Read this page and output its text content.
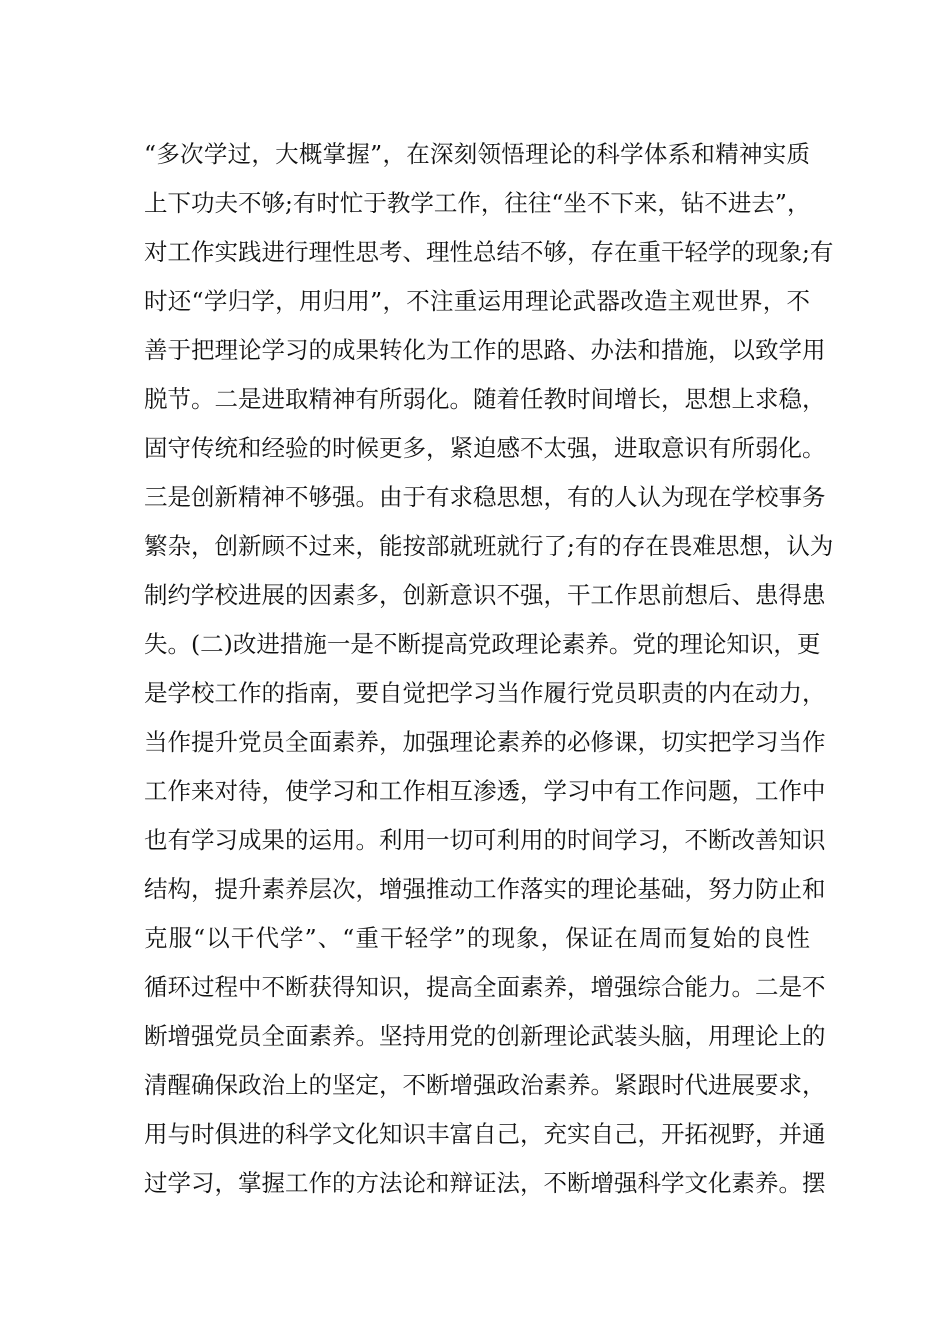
“多次学过，大概掌握”，在深刻领悟理论的科学体系和精神实质
上下功夫不够;有时忙于教学工作，往往“坐不下来，钻不进去”，
对工作实践进行理性思考、理性总结不够，存在重干轻学的现象;有
时还“学归学，用归用”，不注重运用理论武器改造主观世界，不
善于把理论学习的成果转化为工作的思路、办法和措施，以致学用
脱节。二是进取精神有所弱化。随着任教时间增长，思想上求稳，
固守传统和经验的时候更多，紧迫感不太强，进取意识有所弱化。
三是创新精神不够强。由于有求稳思想，有的人认为现在学校事务
繁杂，创新顾不过来，能按部就班就行了;有的存在畏难思想，认为
制约学校进展的因素多，创新意识不强，干工作思前想后、患得患
失。(二)改进措施一是不断提高党政理论素养。党的理论知识，更
是学校工作的指南，要自觉把学习当作履行党员职责的内在动力，
当作提升党员全面素养，加强理论素养的必修课，切实把学习当作
工作来对待，使学习和工作相互渗透，学习中有工作问题，工作中
也有学习成果的运用。利用一切可利用的时间学习，不断改善知识
结构，提升素养层次，增强推动工作落实的理论基础，努力防止和
克服“以干代学”、“重干轻学”的现象，保证在周而复始的良性
循环过程中不断获得知识，提高全面素养，增强综合能力。二是不
断增强党员全面素养。坚持用党的创新理论武装头脑，用理论上的
清醒确保政治上的坚定，不断增强政治素养。紧跟时代进展要求，
用与时俱进的科学文化知识丰富自己，充实自己，开拓视野，并通
过学习，掌握工作的方法论和辩证法，不断增强科学文化素养。摆
